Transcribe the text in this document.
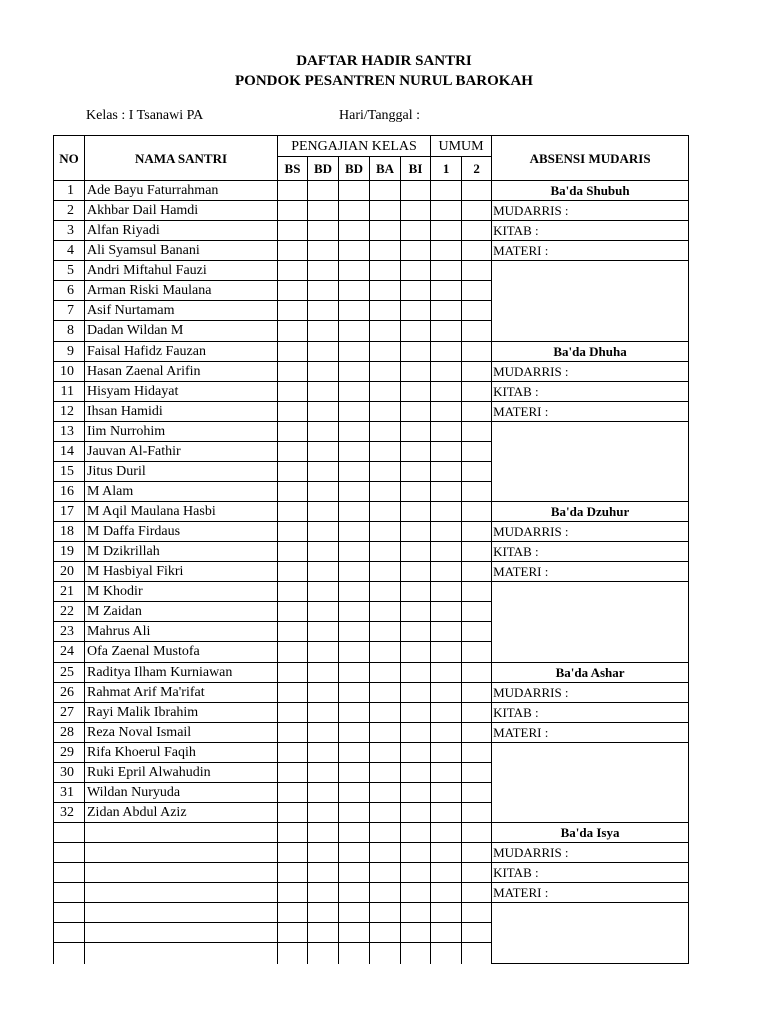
DAFTAR HADIR SANTRI
PONDOK PESANTREN NURUL BAROKAH
Kelas : I Tsanawi PA	Hari/Tanggal :
NO	NAMA SANTRI	PENGAJIAN KELAS					UMUM		ABSENSI MUDARIS
		BS	BD	BD	BA	BI	1	2	
1	Ade Bayu Faturrahman								Ba'da Shubuh
2	Akhbar Dail Hamdi								MUDARRIS :
3	Alfan Riyadi								KITAB :
4	Ali Syamsul Banani								MATERI :
5	Andri Miftahul Fauzi								
6	Arman Riski Maulana								
7	Asif Nurtamam								
8	Dadan Wildan M								
9	Faisal Hafidz Fauzan								Ba'da Dhuha
10	Hasan Zaenal Arifin								MUDARRIS :
11	Hisyam Hidayat								KITAB :
12	Ihsan Hamidi								MATERI :
13	Iim Nurrohim								
14	Jauvan Al-Fathir								
15	Jitus Duril								
16	M Alam								
17	M Aqil Maulana Hasbi								Ba'da Dzuhur
18	M Daffa Firdaus								MUDARRIS :
19	M Dzikrillah								KITAB :
20	M Hasbiyal Fikri								MATERI :
21	M Khodir								
22	M Zaidan								
23	Mahrus Ali								
24	Ofa Zaenal Mustofa								
25	Raditya Ilham Kurniawan								Ba'da Ashar
26	Rahmat Arif Ma'rifat								MUDARRIS :
27	Rayi Malik Ibrahim								KITAB :
28	Reza Noval Ismail								MATERI :
29	Rifa Khoerul Faqih								
30	Ruki Epril Alwahudin								
31	Wildan Nuryuda								
32	Zidan Abdul Aziz								
									Ba'da Isya
									MUDARRIS :
									KITAB :
									MATERI :
